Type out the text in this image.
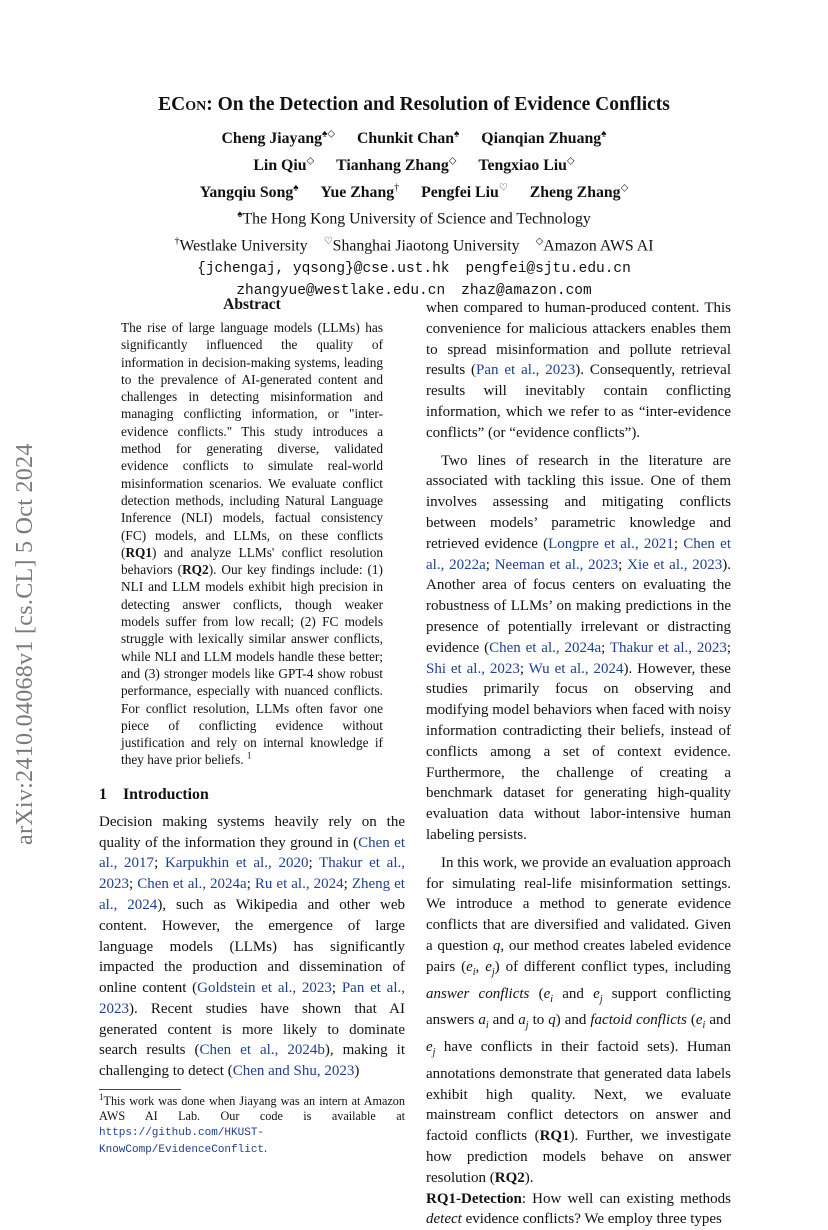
arXiv:2410.04068v1 [cs.CL] 5 Oct 2024
ECon: On the Detection and Resolution of Evidence Conflicts
Cheng Jiayang♠◇ Chunkit Chan♠ Qianqian Zhuang♠
Lin Qiu◇ Tianhang Zhang◇ Tengxiao Liu◇
Yangqiu Song♠ Yue Zhang† Pengfei Liu♡ Zheng Zhang◇
♠The Hong Kong University of Science and Technology
†Westlake University ♡Shanghai Jiaotong University ◇Amazon AWS AI
{jchengaj, yqsong}@cse.ust.hk pengfei@sjtu.edu.cn
zhangyue@westlake.edu.cn zhaz@amazon.com
Abstract
The rise of large language models (LLMs) has significantly influenced the quality of information in decision-making systems, leading to the prevalence of AI-generated content and challenges in detecting misinformation and managing conflicting information, or "inter-evidence conflicts." This study introduces a method for generating diverse, validated evidence conflicts to simulate real-world misinformation scenarios. We evaluate conflict detection methods, including Natural Language Inference (NLI) models, factual consistency (FC) models, and LLMs, on these conflicts (RQ1) and analyze LLMs' conflict resolution behaviors (RQ2). Our key findings include: (1) NLI and LLM models exhibit high precision in detecting answer conflicts, though weaker models suffer from low recall; (2) FC models struggle with lexically similar answer conflicts, while NLI and LLM models handle these better; and (3) stronger models like GPT-4 show robust performance, especially with nuanced conflicts. For conflict resolution, LLMs often favor one piece of conflicting evidence without justification and rely on internal knowledge if they have prior beliefs. $^1$
1 Introduction

Decision making systems heavily rely on the quality of the information they ground in (Chen et al., 2017; Karpukhin et al., 2020; Thakur et al., 2023; Chen et al., 2024a; Ru et al., 2024; Zheng et al., 2024), such as Wikipedia and other web content. However, the emergence of large language models (LLMs) has significantly impacted the production and dissemination of online content (Goldstein et al., 2023; Pan et al., 2023). Recent studies have shown that AI generated content is more likely to dominate search results (Chen et al., 2024b), making it challenging to detect (Chen and Shu, 2023)

$^1$This work was done when Jiayang was an intern at Amazon AWS AI Lab. Our code is available at https://github.com/HKUST-KnowComp/EvidenceConflict.

when compared to human-produced content. This convenience for malicious attackers enables them to spread misinformation and pollute retrieval results (Pan et al., 2023). Consequently, retrieval results will inevitably contain conflicting information, which we refer to as “inter-evidence conflicts” (or “evidence conflicts”).

Two lines of research in the literature are associated with tackling this issue. One of them involves assessing and mitigating conflicts between models’ parametric knowledge and retrieved evidence (Longpre et al., 2021; Chen et al., 2022a; Neeman et al., 2023; Xie et al., 2023). Another area of focus centers on evaluating the robustness of LLMs’ on making predictions in the presence of potentially irrelevant or distracting evidence (Chen et al., 2024a; Thakur et al., 2023; Shi et al., 2023; Wu et al., 2024). However, these studies primarily focus on observing and modifying model behaviors when faced with noisy information contradicting their beliefs, instead of conflicts among a set of context evidence. Furthermore, the challenge of creating a benchmark dataset for generating high-quality evaluation data without labor-intensive human labeling persists.

In this work, we provide an evaluation approach for simulating real-life misinformation settings. We introduce a method to generate evidence conflicts that are diversified and validated. Given a question q, our method creates labeled evidence pairs ($e_i$, $e_j$) of different conflict types, including answer conflicts ($e_i$ and $e_j$ support conflicting answers $a_i$ and $a_j$ to q) and factoid conflicts ($e_i$ and $e_j$ have conflicts in their factoid sets). Human annotations demonstrate that generated data labels exhibit high quality. Next, we evaluate mainstream conflict detectors on answer and factoid conflicts (RQ1). Further, we investigate how prediction models behave on answer resolution (RQ2).

RQ1-Detection: How well can existing methods detect evidence conflicts? We employ three types
